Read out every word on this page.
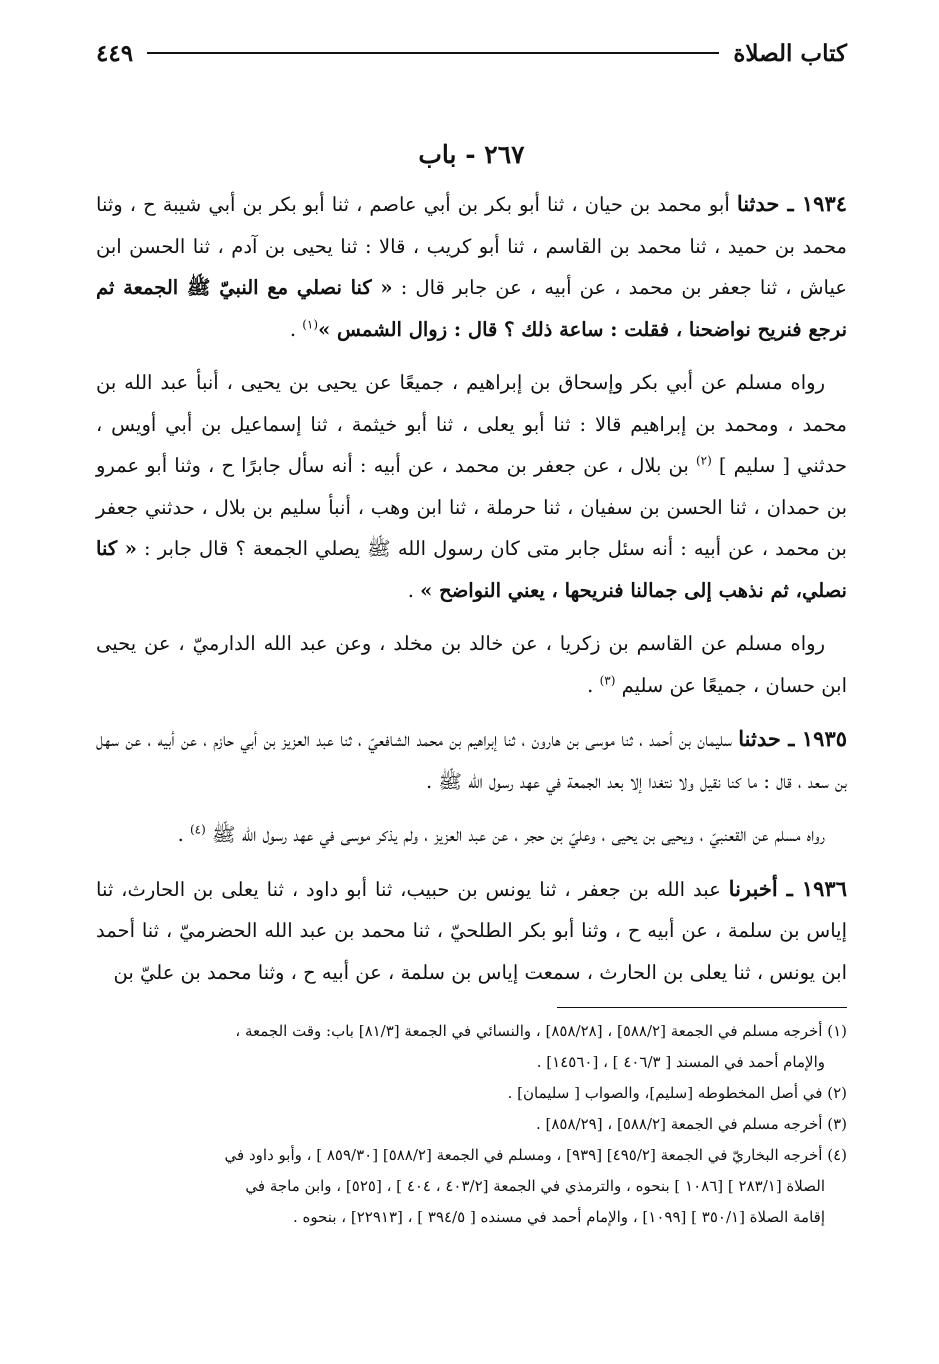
كتاب الصلاة
٤٤٩
٢٦٧ - باب

١٩٣٤ ـ حدثنا أبو محمد بن حيان ، ثنا أبو بكر بن أبي عاصم ، ثنا أبو بكر بن أبي شيبة ح ، وثنا محمد بن حميد ، ثنا محمد بن القاسم ، ثنا أبو كريب ، قالا : ثنا يحيى بن آدم ، ثنا الحسن ابن عياش ، ثنا جعفر بن محمد ، عن أبيه ، عن جابر قال : « كنا نصلي مع النبيّ ﷺ الجمعة ثم نرجع فنريح نواضحنا ، فقلت : ساعة ذلك ؟ قال : زوال الشمس »$^{(١)}$ .

رواه مسلم عن أبي بكر وإسحاق بن إبراهيم ، جميعًا عن يحيى بن يحيى ، أنبأ عبد الله بن محمد ، ومحمد بن إبراهيم قالا : ثنا أبو يعلى ، ثنا أبو خيثمة ، ثنا إسماعيل بن أبي أويس ، حدثني [ سليم ] $^{(٢)}$ بن بلال ، عن جعفر بن محمد ، عن أبيه : أنه سأل جابرًا ح ، وثنا أبو عمرو بن حمدان ، ثنا الحسن بن سفيان ، ثنا حرملة ، ثنا ابن وهب ، أنبأ سليم بن بلال ، حدثني جعفر بن محمد ، عن أبيه : أنه سئل جابر متى كان رسول الله ﷺ يصلي الجمعة ؟ قال جابر : « كنا نصلي، ثم نذهب إلى جمالنا فنريحها ، يعني النواضح » .

رواه مسلم عن القاسم بن زكريا ، عن خالد بن مخلد ، وعن عبد الله الدارميّ ، عن يحيى ابن حسان ، جميعًا عن سليم $^{(٣)}$ .

١٩٣٥ ـ حدثنا سليمان بن أحمد ، ثنا موسى بن هارون ، ثنا إبراهيم بن محمد الشافعيّ ، ثنا عبد العزيز بن أبي حازم ، عن أبيه ، عن سهل بن سعد ، قال : ما كنا نقيل ولا نتغدا إلا بعد الجمعة في عهد رسول الله ﷺ .

رواه مسلم عن القعنبيّ ، ويحيى بن يحيى ، وعليّ بن حجر ، عن عبد العزيز ، ولم يذكر موسى في عهد رسول الله ﷺ $^{(٤)}$ .

١٩٣٦ ـ أخبرنا عبد الله بن جعفر ، ثنا يونس بن حبيب، ثنا أبو داود ، ثنا يعلى بن الحارث، ثنا إياس بن سلمة ، عن أبيه ح ، وثنا أبو بكر الطلحيّ ، ثنا محمد بن عبد الله الحضرميّ ، ثنا أحمد ابن يونس ، ثنا يعلى بن الحارث ، سمعت إياس بن سلمة ، عن أبيه ح ، وثنا محمد بن عليّ بن

(١) أخرجه مسلم في الجمعة [٥٨٨/٢] ، [٨٥٨/٢٨] ، والنسائي في الجمعة [٨١/٣] باب: وقت الجمعة ،

والإمام أحمد في المسند [ ٤٠٦/٣ ] ، [١٤٥٦٠] .

(٢) في أصل المخطوطه [سليم]، والصواب [ سليمان] .

(٣) أخرجه مسلم في الجمعة [٥٨٨/٢] ، [٨٥٨/٢٩] .

(٤) أخرجه البخاريّ في الجمعة [٤٩٥/٢] [٩٣٩] ، ومسلم في الجمعة [٥٨٨/٢] [٨٥٩/٣٠ ] ، وأبو داود في

الصلاة [٢٨٣/١ ] [١٠٨٦ ] بنحوه ، والترمذي في الجمعة [٤٠٣/٢ ، ٤٠٤ ] ، [٥٢٥] ، وابن ماجة في

إقامة الصلاة [٣٥٠/١ ] [١٠٩٩] ، والإمام أحمد في مسنده [ ٣٩٤/٥ ] ، [٢٢٩١٣] ، بنحوه .
